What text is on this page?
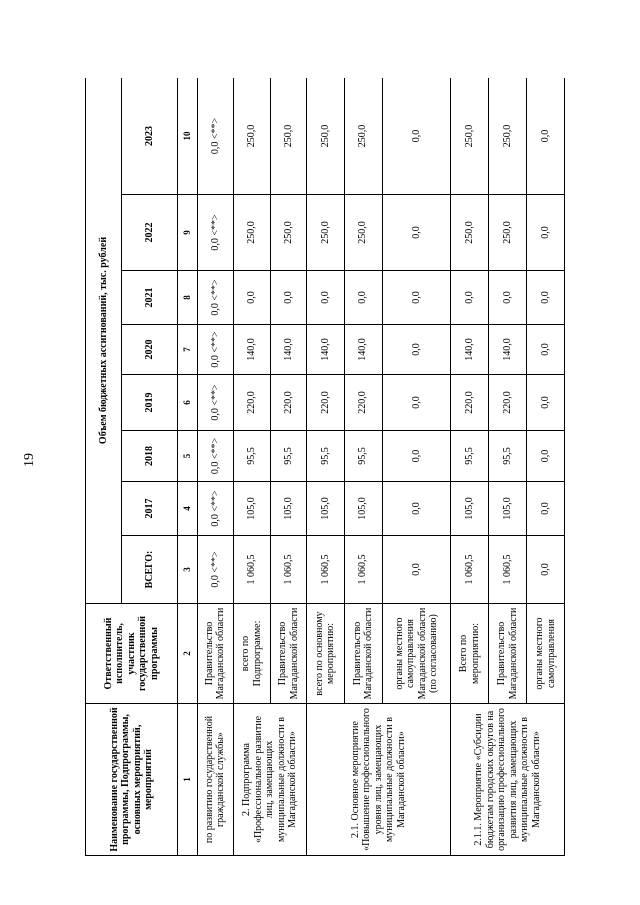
19
Наименование государственной программы, Подпрограммы, основных мероприятий, мероприятий	Ответственный исполнитель, участник государственной программы	Объем бюджетных ассигнований, тыс. рублей							
		ВСЕГО:	2017	2018	2019	2020	2021	2022	2023
1	2	3	4	5	6	7	8	9	10
по развитию государственной гражданской службы»	Правительство Магаданской области	0,0 <**>	0,0 <**>	0,0 <**>	0,0 <**>	0,0 <**>	0,0 <**>	0,0 <**>	0,0 <**>
2. Подпрограмма «Профессиональное развитие лиц, замещающих муниципальные должности в Магаданской области»	всего по Подпрограмме:	1 060,5	105,0	95,5	220,0	140,0	0,0	250,0	250,0
	Правительство Магаданской области	1 060,5	105,0	95,5	220,0	140,0	0,0	250,0	250,0
2.1. Основное мероприятие «Повышение профессионального уровня лиц, замещающих муниципальные должности в Магаданской области»	всего по основному мероприятию:	1 060,5	105,0	95,5	220,0	140,0	0,0	250,0	250,0
	Правительство Магаданской области	1 060,5	105,0	95,5	220,0	140,0	0,0	250,0	250,0
	органы местного самоуправления Магаданской области (по согласованию)	0,0	0,0	0,0	0,0	0,0	0,0	0,0	0,0
2.1.1. Мероприятие «Субсидии бюджетам городских округов на организацию профессионального развития лиц, замещающих муниципальные должности в Магаданской области»	Всего по мероприятию:	1 060,5	105,0	95,5	220,0	140,0	0,0	250,0	250,0
	Правительство Магаданской области	1 060,5	105,0	95,5	220,0	140,0	0,0	250,0	250,0
	органы местного самоуправления	0,0	0,0	0,0	0,0	0,0	0,0	0,0	0,0
